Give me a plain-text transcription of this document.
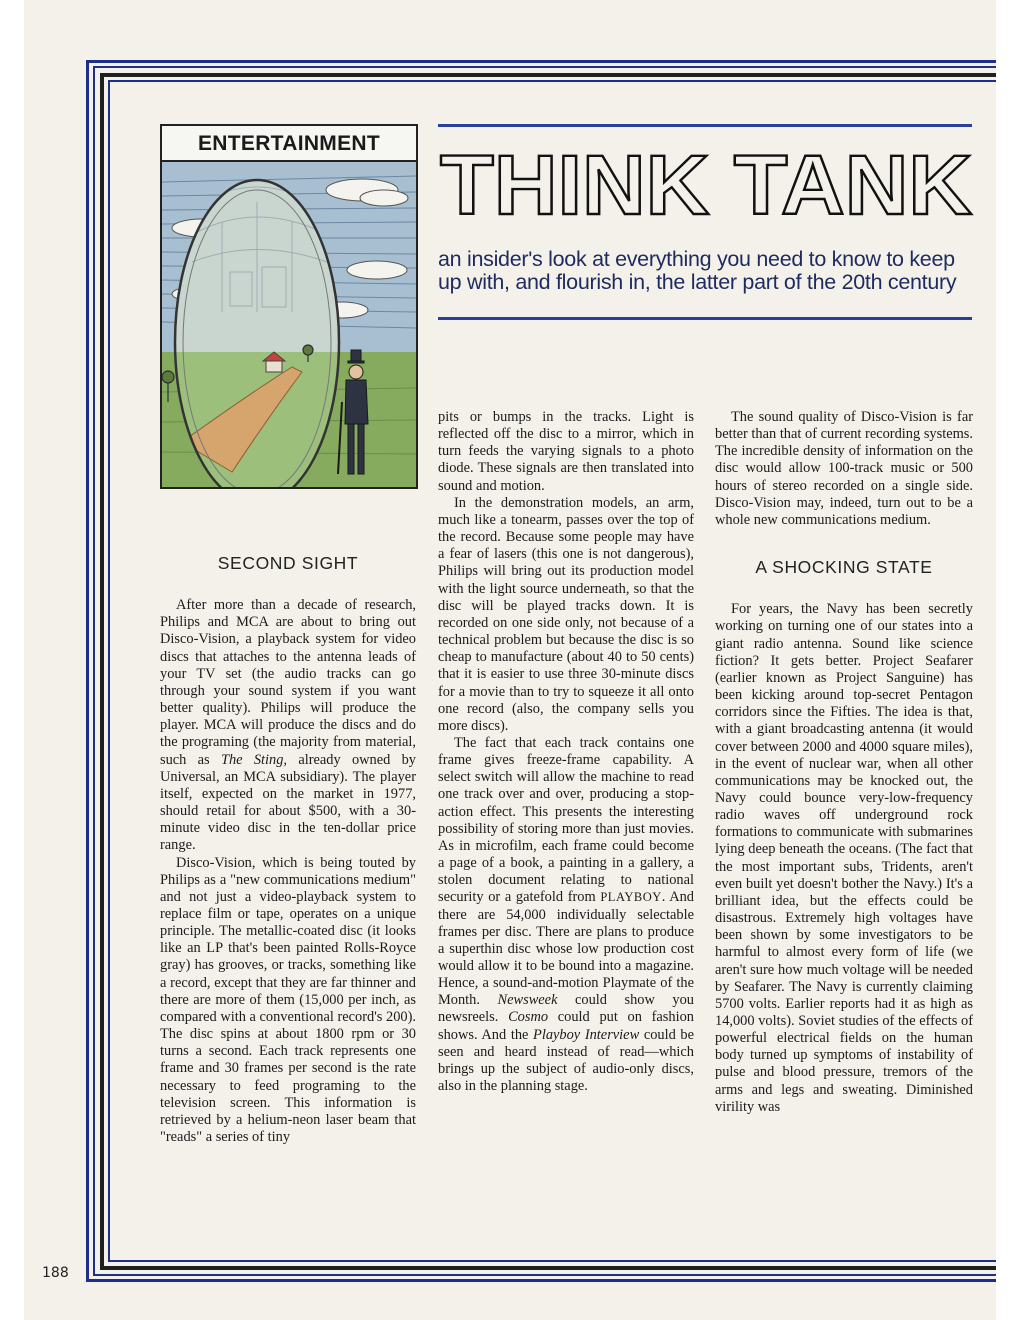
ENTERTAINMENT THINK TANK
an insider's look at everything you need to know to keep up with, and flourish in, the latter part of the 20th century
SECOND SIGHT

After more than a decade of research, Philips and MCA are about to bring out Disco-Vision, a playback system for video discs that attaches to the antenna leads of your TV set (the audio tracks can go through your sound system if you want better quality). Philips will produce the player. MCA will produce the discs and do the programing (the majority from material, such as The Sting, already owned by Universal, an MCA subsidiary). The player itself, expected on the market in 1977, should retail for about $500, with a 30-minute video disc in the ten-dollar price range.

Disco-Vision, which is being touted by Philips as a "new communications medium" and not just a video-playback system to replace film or tape, operates on a unique principle. The metallic-coated disc (it looks like an LP that's been painted Rolls-Royce gray) has grooves, or tracks, something like a record, except that they are far thinner and there are more of them (15,000 per inch, as compared with a conventional record's 200). The disc spins at about 1800 rpm or 30 turns a second. Each track represents one frame and 30 frames per second is the rate necessary to feed programing to the television screen. This information is retrieved by a helium-neon laser beam that "reads" a series of tiny

pits or bumps in the tracks. Light is reflected off the disc to a mirror, which in turn feeds the varying signals to a photo diode. These signals are then translated into sound and motion.

In the demonstration models, an arm, much like a tonearm, passes over the top of the record. Because some people may have a fear of lasers (this one is not dangerous), Philips will bring out its production model with the light source underneath, so that the disc will be played tracks down. It is recorded on one side only, not because of a technical problem but because the disc is so cheap to manufacture (about 40 to 50 cents) that it is easier to use three 30-minute discs for a movie than to try to squeeze it all onto one record (also, the company sells you more discs).

The fact that each track contains one frame gives freeze-frame capability. A select switch will allow the machine to read one track over and over, producing a stop-action effect. This presents the interesting possibility of storing more than just movies. As in microfilm, each frame could become a page of a book, a painting in a gallery, a stolen document relating to national security or a gatefold from PLAYBOY. And there are 54,000 individually selectable frames per disc. There are plans to produce a superthin disc whose low production cost would allow it to be bound into a magazine. Hence, a sound-and-motion Playmate of the Month. Newsweek could show you newsreels. Cosmo could put on fashion shows. And the Playboy Interview could be seen and heard instead of read—which brings up the subject of audio-only discs, also in the planning stage.

The sound quality of Disco-Vision is far better than that of current recording systems. The incredible density of information on the disc would allow 100-track music or 500 hours of stereo recorded on a single side. Disco-Vision may, indeed, turn out to be a whole new communications medium.

A SHOCKING STATE

For years, the Navy has been secretly working on turning one of our states into a giant radio antenna. Sound like science fiction? It gets better. Project Seafarer (earlier known as Project Sanguine) has been kicking around top-secret Pentagon corridors since the Fifties. The idea is that, with a giant broadcasting antenna (it would cover between 2000 and 4000 square miles), in the event of nuclear war, when all other communications may be knocked out, the Navy could bounce very-low-frequency radio waves off underground rock formations to communicate with submarines lying deep beneath the oceans. (The fact that the most important subs, Tridents, aren't even built yet doesn't bother the Navy.) It's a brilliant idea, but the effects could be disastrous. Extremely high voltages have been shown by some investigators to be harmful to almost every form of life (we aren't sure how much voltage will be needed by Seafarer. The Navy is currently claiming 5700 volts. Earlier reports had it as high as 14,000 volts). Soviet studies of the effects of powerful electrical fields on the human body turned up symptoms of instability of pulse and blood pressure, tremors of the arms and legs and sweating. Diminished virility was

188
